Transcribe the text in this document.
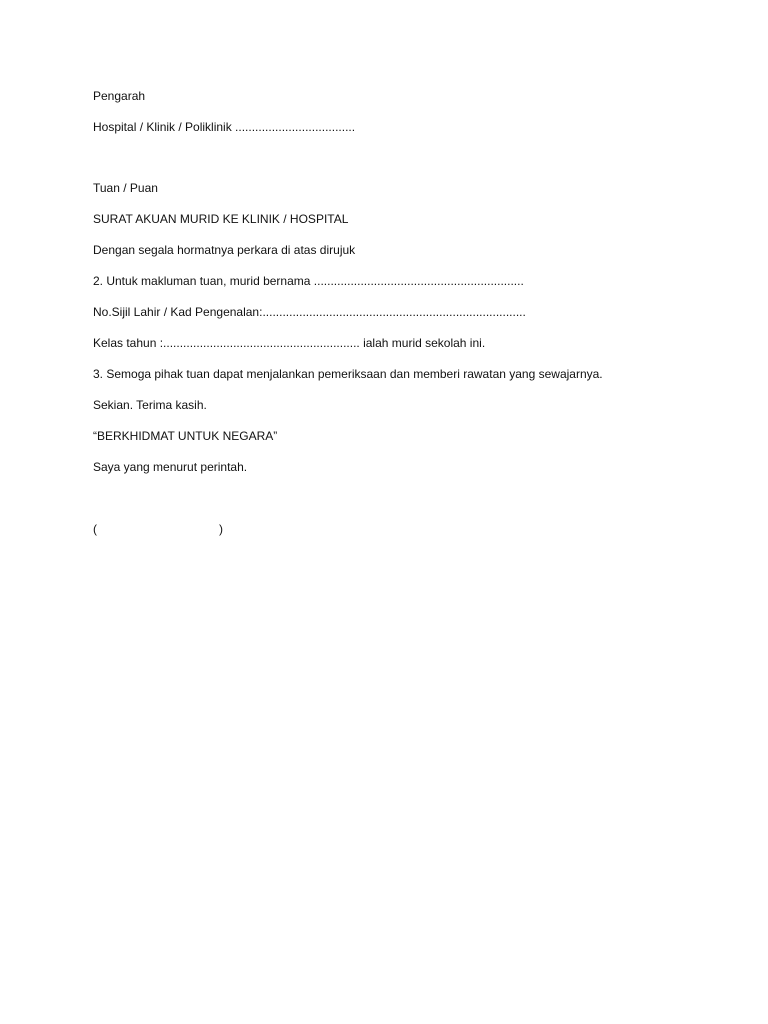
Pengarah
Hospital / Klinik / Poliklinik ....................................
Tuan / Puan
SURAT AKUAN MURID KE KLINIK / HOSPITAL
Dengan segala hormatnya perkara di atas dirujuk
2. Untuk makluman tuan, murid bernama ...............................................................
No.Sijil Lahir / Kad Pengenalan:...............................................................................
Kelas tahun :........................................................... ialah murid sekolah ini.
3. Semoga pihak tuan dapat menjalankan pemeriksaan dan memberi rawatan yang sewajarnya.
Sekian. Terima kasih.
“BERKHIDMAT UNTUK NEGARA”
Saya yang menurut perintah.
(	)
